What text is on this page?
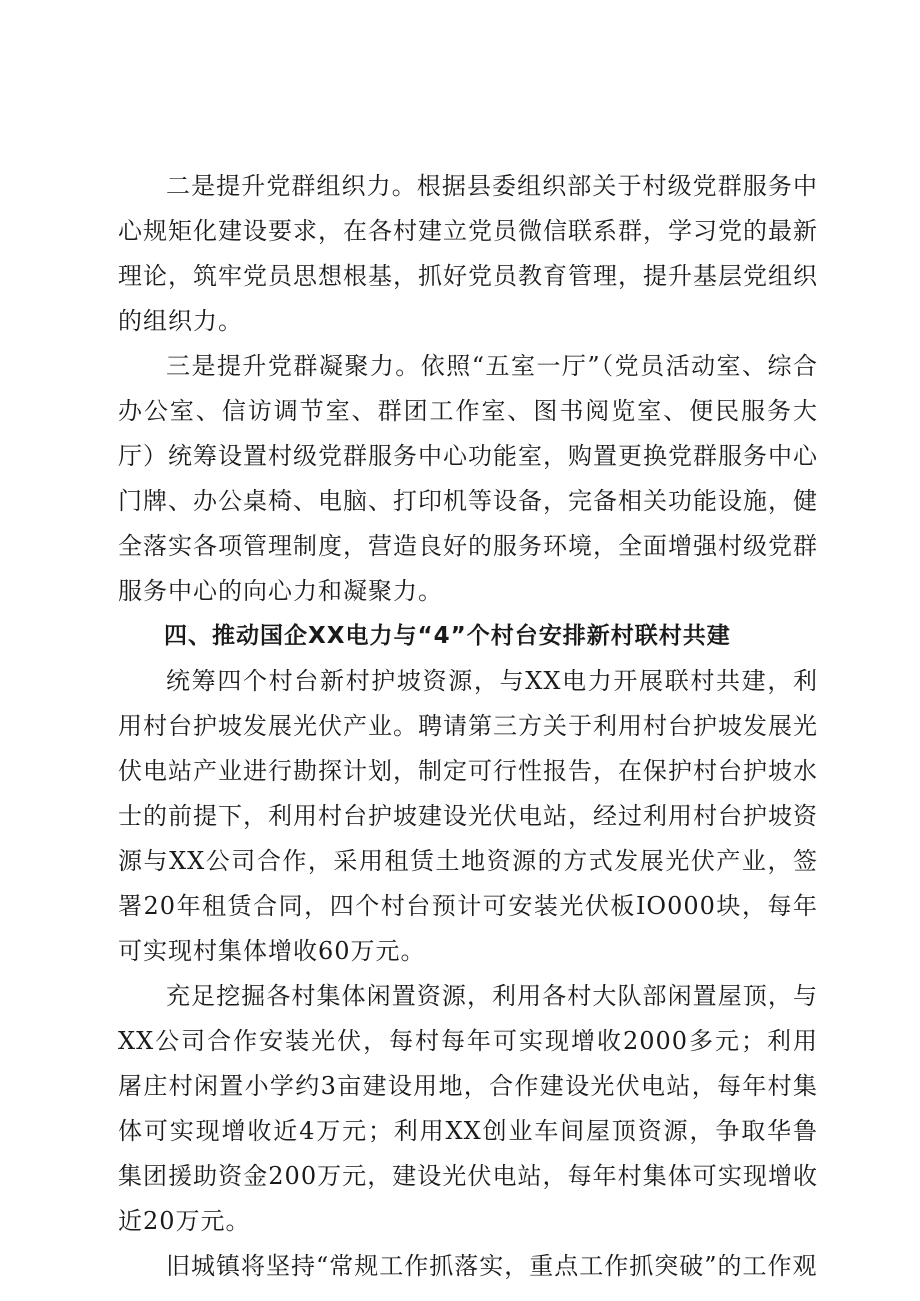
二是提升党群组织力。根据县委组织部关于村级党群服务中心规矩化建设要求，在各村建立党员微信联系群，学习党的最新理论，筑牢党员思想根基，抓好党员教育管理，提升基层党组织的组织力。

三是提升党群凝聚力。依照“五室一厅”（党员活动室、综合办公室、信访调节室、群团工作室、图书阅览室、便民服务大厅）统筹设置村级党群服务中心功能室，购置更换党群服务中心门牌、办公桌椅、电脑、打印机等设备，完备相关功能设施，健全落实各项管理制度，营造良好的服务环境，全面增强村级党群服务中心的向心力和凝聚力。

四、推动国企XX电力与“4”个村台安排新村联村共建

统筹四个村台新村护坡资源，与XX电力开展联村共建，利用村台护坡发展光伏产业。聘请第三方关于利用村台护坡发展光伏电站产业进行勘探计划，制定可行性报告，在保护村台护坡水士的前提下，利用村台护坡建设光伏电站，经过利用村台护坡资源与XX公司合作，采用租赁土地资源的方式发展光伏产业，签署20年租赁合同，四个村台预计可安装光伏板IO000块，每年可实现村集体增收60万元。

充足挖掘各村集体闲置资源，利用各村大队部闲置屋顶，与XX公司合作安装光伏，每村每年可实现增收2000多元；利用屠庄村闲置小学约3亩建设用地，合作建设光伏电站，每年村集体可实现增收近4万元；利用XX创业车间屋顶资源，争取华鲁集团援助资金200万元，建设光伏电站，每年村集体可实现增收近20万元。

旧城镇将坚持“常规工作抓落实，重点工作抓突破”的工作观
